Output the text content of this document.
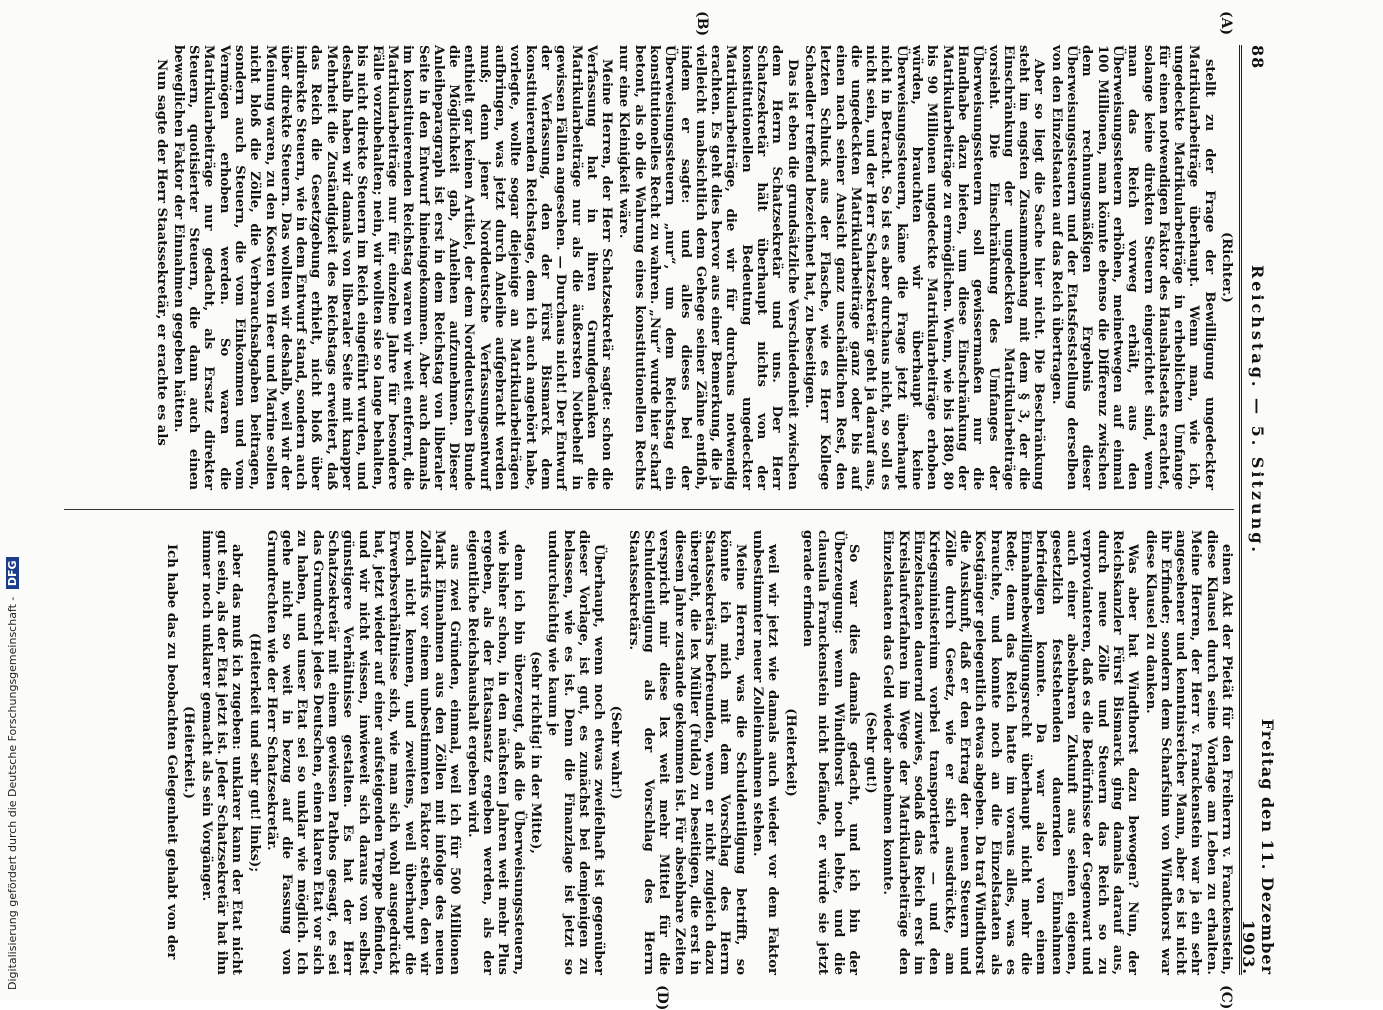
88
Reichstag. — 5. Sitzung.
Freitag den 11. Dezember 1903.

(Richter.)

stellt zu der Frage der Bewilligung ungedeckter Matrikularbeiträge überhaupt. Wenn man, wie ich, ungedeckte Matrikularbeiträge in erheblichem Umfange für einen notwendigen Faktor des Haushaltsetats erachtet, solange keine direkten Steuern eingerichtet sind, wenn man das Reich vorweg erhält, aus den Überweisungssteuern erhöhen, meinetwegen auf einmal 100 Millionen, man könnte ebenso die Differenz zwischen dem rechnungsmäßigen Ergebnis dieser Überweisungssteuern und der Etatsfeststellung derselben von den Einzelstaaten auf das Reich übertragen.

Aber so liegt die Sache hier nicht. Die Beschränkung steht im engsten Zusammenhang mit dem § 3, der die Einschränkung der ungedeckten Matrikularbeiträge vorsieht. Die Einschränkung des Umfanges der Überweisungssteuern soll gewissermaßen nur die Handhabe dazu bieten, um diese Einschränkung der Matrikularbeiträge zu ermöglichen. Wenn, wie bis 1880, 80 bis 90 Millionen ungedeckte Matrikularbeiträge erhoben würden, brauchten wir überhaupt keine Überweisungssteuern, käme die Frage jetzt überhaupt nicht in Betracht. So ist es aber durchaus nicht, so soll es nicht sein, und der Herr Schatzsekretär geht ja darauf aus, die ungedeckten Matrikularbeiträge ganz oder bis auf einen nach seiner Ansicht ganz unschädlichen Rest, den letzten Schluck aus der Flasche, wie es Herr Kollege Schaedler treffend bezeichnet hat, zu beseitigen.

Das ist eben die grundsätzliche Verschiedenheit zwischen dem Herrn Schatzsekretär und uns. Der Herr Schatzsekretär hält überhaupt nichts von der konstitutionellen Bedeutung ungedeckter Matrikularbeiträge, die wir für durchaus notwendig erachten. Es geht dies hervor aus einer Bemerkung, die ja vielleicht unabsichtlich dem Gehege seiner Zähne entfloh, indem er sagte: und alles dieses bei der Überweisungssteuern „nur“, um dem Reichstag ein konstitutionelles Recht zu wahren. „Nur“ wurde hier scharf betont, als ob die Wahrung eines konstitutionellen Rechts nur eine Kleinigkeit wäre.

Meine Herren, der Herr Schatzsekretär sagte: schon die Verfassung hat in ihren Grundgedanken die Matrikularbeiträge nur als die äußersten Notbehelf in gewissen Fällen angesehen. — Durchaus nicht! Der Entwurf der Verfassung, den der Fürst Bismarck dem konstituierenden Reichstage, dem ich auch angehört habe, vorlegte, wollte sogar diejenige an Matrikularbeiträgen aufbringen, was jetzt durch Anleihe aufgebracht werden muß; denn jener Norddeutsche Verfassungsentwurf enthielt gar keinen Artikel, der dem Norddeutschen Bunde die Möglichkeit gab, Anleihen aufzunehmen. Dieser Anleiheparagraph ist erst in dem Reichstag von liberaler Seite in den Entwurf hineingekommen. Aber auch damals im konstituierenden Reichstag waren wir weit entfernt, die Matrikularbeiträge nur für einzelne Jahre für besondere Fälle vorzubehalten; nein, wir wollten sie so lange behalten, bis nicht direkte Steuern im Reich eingeführt wurden, und deshalb haben wir damals von liberaler Seite mit knapper Mehrheit die Zuständigkeit des Reichstags erweitert, daß das Reich die Gesetzgebung erhielt, nicht bloß über indirekte Steuern, wie in dem Entwurf stand, sondern auch über direkte Steuern. Das wollten wir deshalb, weil wir der Meinung waren, zu den Kosten von Heer und Marine sollen nicht bloß die Zölle, die Verbrauchsabgaben beitragen, sondern auch Steuern, die vom Einkommen und vom Vermögen erhoben werden. So waren die Matrikularbeiträge nur gedacht, als Ersatz direkter Steuern, quotisierter Steuern, die dann auch einen beweglichen Faktor der Einnahmen gegeben hätten.

Nun sagte der Herr Staatssekretär, er erachte es als

einen Akt der Pietät für den Freiherrn v. Franckenstein, diese Klausel durch seine Vorlage am Leben zu erhalten. Meine Herren, der Herr v. Franckenstein war ja ein sehr angesehener und kenntnisreicher Mann, aber es ist nicht ihr Erfinder; sondern dem Scharfsinn von Windthorst war diese Klausel zu danken.

Was aber hat Windthorst dazu bewogen? Nun, der Reichskanzler Fürst Bismarck ging damals darauf aus, durch neue Zölle und Steuern das Reich so zu verprovianteren, daß es die Bedürfnisse der Gegenwart und auch einer absehbaren Zukunft aus seinen eigenen, gesetzlich feststehenden dauernden Einnahmen befriedigen konnte. Da war also von einem Einnahmebewilligungsrecht überhaupt nicht mehr die Rede; denn das Reich hatte im voraus alles, was es brauchte, und konnte noch an die Einzelstaaten als Kostgänger gelegentlich etwas abgeben. Da traf Windthorst die Auskunft, daß er den Ertrag der neuen Steuern und Zölle durch Gesetz, wie er sich ausdrückte, am Kriegsministerium vorbei transportierte — und den Einzelstaaten dauernd zuwies, sodaß das Reich erst im Kreislaufverfahren im Wege der Matrikularbeiträge den Einzelstaaten das Geld wieder abnehmen konnte.

(Sehr gut!)

So war dies damals gedacht, und ich bin der Überzeugung: wenn Windthorst noch lebte, und die clausula Franckenstein nicht befände, er würde sie jetzt gerade erfinden

(Heiterkeit)

weil wir jetzt wie damals auch wieder vor dem Faktor unbestimmter neuer Zolleinnahmen stehen.

Meine Herren, was die Schuldentilgung betrifft, so könnte ich mich mit dem Vorschlag des Herrn Staatssekretärs befreunden, wenn er nicht zugleich dazu übergeht, die lex Müller (Fulda) zu beseitigen, die erst in diesem Jahre zustande gekommen ist. Für absehbare Zeiten verspricht mir diese lex weit mehr Mittel für die Schuldentilgung als der Vorschlag des Herrn Staatssekretärs.

(Sehr wahr!)

Überhaupt, wenn noch etwas zweifelhaft ist gegenüber dieser Vorlage, ist gut, es zunächst bei demjenigen zu belassen, wie es ist. Denn die Finanzlage ist jetzt so undurchsichtig wie kaum je

(sehr richtig! in der Mitte),

denn ich bin überzeugt, daß die Überweisungssteuern, wie bisher schon, in den nächsten Jahren weit mehr Plus ergeben, als der Etatsansatz ergeben werden, als der eigentliche Reichshaushalt ergeben wird.

aus zwei Gründen, einmal, weil ich für 500 Millionen Mark Einnahmen aus den Zöllen mit infolge des neuen Zolltarifs vor einem unbestimmten Faktor stehen, den wir noch nicht kennen, und zweitens, weil überhaupt die Erwerbsverhältnisse sich, wie man sich wohl ausgedrückt hat, jetzt wieder auf einer aufsteigenden Treppe befinden, und wir nicht wissen, inwieweit sich daraus von selbst günstigere Verhältnisse gestalten. Es hat der Herr Schatzsekretär mit einem gewissen Pathos gesagt, es sei das Grundrecht jedes Deutschen, einen klaren Etat vor sich zu haben, und unser Etat sei so unklar wie möglich. Ich gehe nicht so weit in bezug auf die Fassung von Grundrechten wie der Herr Schatzsekretär.

(Heiterkeit und sehr gut! links);

aber das muß ich zugeben: unklarer kann der Etat nicht gut sein, als der Etat jetzt ist. Jeder Schatzsekretär hat ihn immer noch unklarer gemacht als sein Vorgänger.

(Heiterkeit.)

Ich habe das zu beobachten Gelegenheit gehabt von der

(A)
(B)
(C)
(D)
Digitalisierung gefördert durch die Deutsche Forschungsgemeinschaft - DFG
